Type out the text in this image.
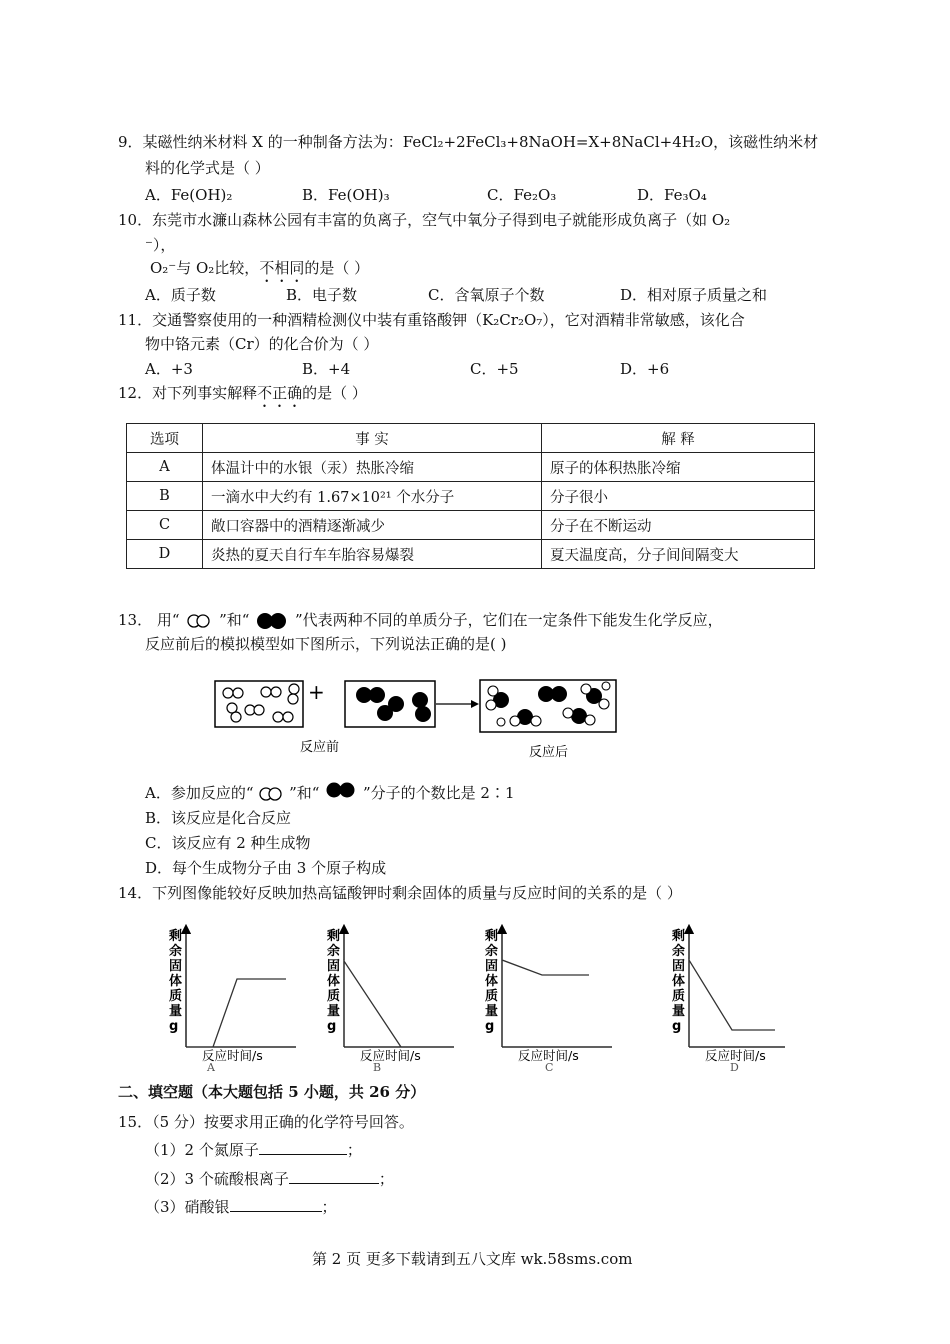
9．某磁性纳米材料 X 的一种制备方法为：FeCl₂+2FeCl₃+8NaOH=X+8NaCl+4H₂O，该磁性纳米材
料的化学式是（ ）
A．Fe(OH)₂	B．Fe(OH)₃	C．Fe₂O₃	D．Fe₃O₄
10．东莞市水濂山森林公园有丰富的负离子，空气中氧分子得到电子就能形成负离子（如 O₂
⁻），
O₂⁻与 O₂比较，不相同的是（ ）
A．质子数	B．电子数	C．含氧原子个数	D．相对原子质量之和
11．交通警察使用的一种酒精检测仪中装有重铬酸钾（K₂Cr₂O₇），它对酒精非常敏感，该化合
物中铬元素（Cr）的化合价为（ ）
A．+3	B．+4	C．+5	D．+6
12．对下列事实解释不正确的是（ ）
选项	事 实	解 释
A	体温计中的水银（汞）热胀冷缩	原子的体积热胀冷缩
B	一滴水中大约有 1.67×10²¹ 个水分子	分子很小
C	敞口容器中的酒精逐渐减少	分子在不断运动
D	炎热的夏天自行车车胎容易爆裂	夏天温度高，分子间间隔变大
13． 用“	”和“	”代表两种不同的单质分子，它们在一定条件下能发生化学反应，
反应前后的模拟模型如下图所示，下列说法正确的是( )
+
反应前	反应后
A．参加反应的“  ”和“	”分子的个数比是 2∶1
B．该反应是化合反应
C．该反应有 2 种生成物
D．每个生成物分子由 3 个原子构成
14．下列图像能较好反映加热高锰酸钾时剩余固体的质量与反应时间的关系的是（ ）
剩
余
固
体
质
量
g
反应时间/s
A
剩
余
固
体
质
量
g
反应时间/s
B
剩
余
固
体
质
量
g
反应时间/s
C
剩
余
固
体
质
量
g
反应时间/s
D
二、填空题（本大题包括 5 小题，共 26 分）
15．（5 分）按要求用正确的化学符号回答。
（1）2 个氮原子	；
（2）3 个硫酸根离子	；
（3）硝酸银	；
第 2 页 更多下载请到五八文库 wk.58sms.com
